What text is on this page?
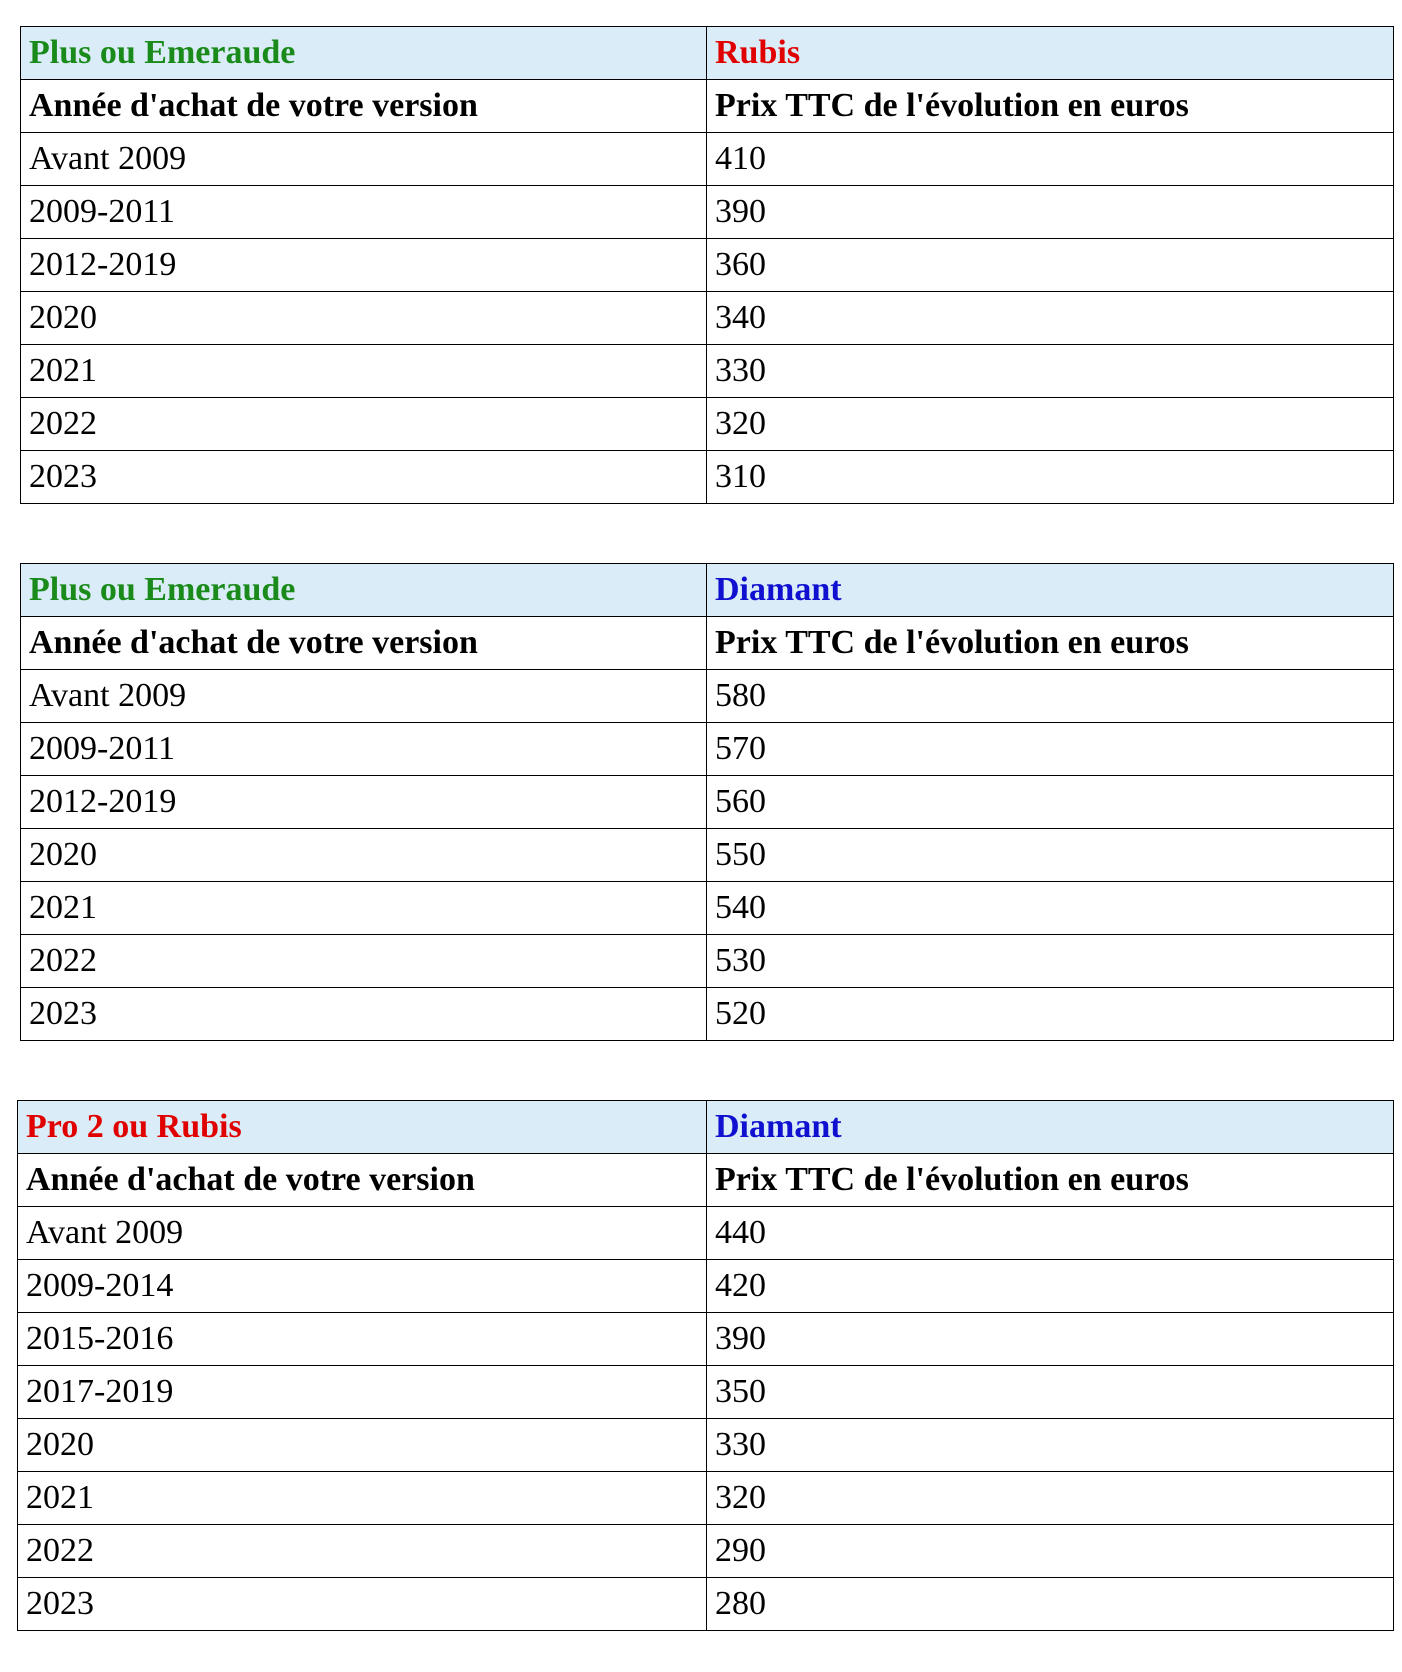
Plus ou Emeraude	Rubis
Année d'achat de votre version	Prix TTC de l'évolution en euros
Avant 2009	410
2009-2011	390
2012-2019	360
2020	340
2021	330
2022	320
2023	310
Plus ou Emeraude	Diamant
Année d'achat de votre version	Prix TTC de l'évolution en euros
Avant 2009	580
2009-2011	570
2012-2019	560
2020	550
2021	540
2022	530
2023	520
Pro 2 ou Rubis	Diamant
Année d'achat de votre version	Prix TTC de l'évolution en euros
Avant 2009	440
2009-2014	420
2015-2016	390
2017-2019	350
2020	330
2021	320
2022	290
2023	280
